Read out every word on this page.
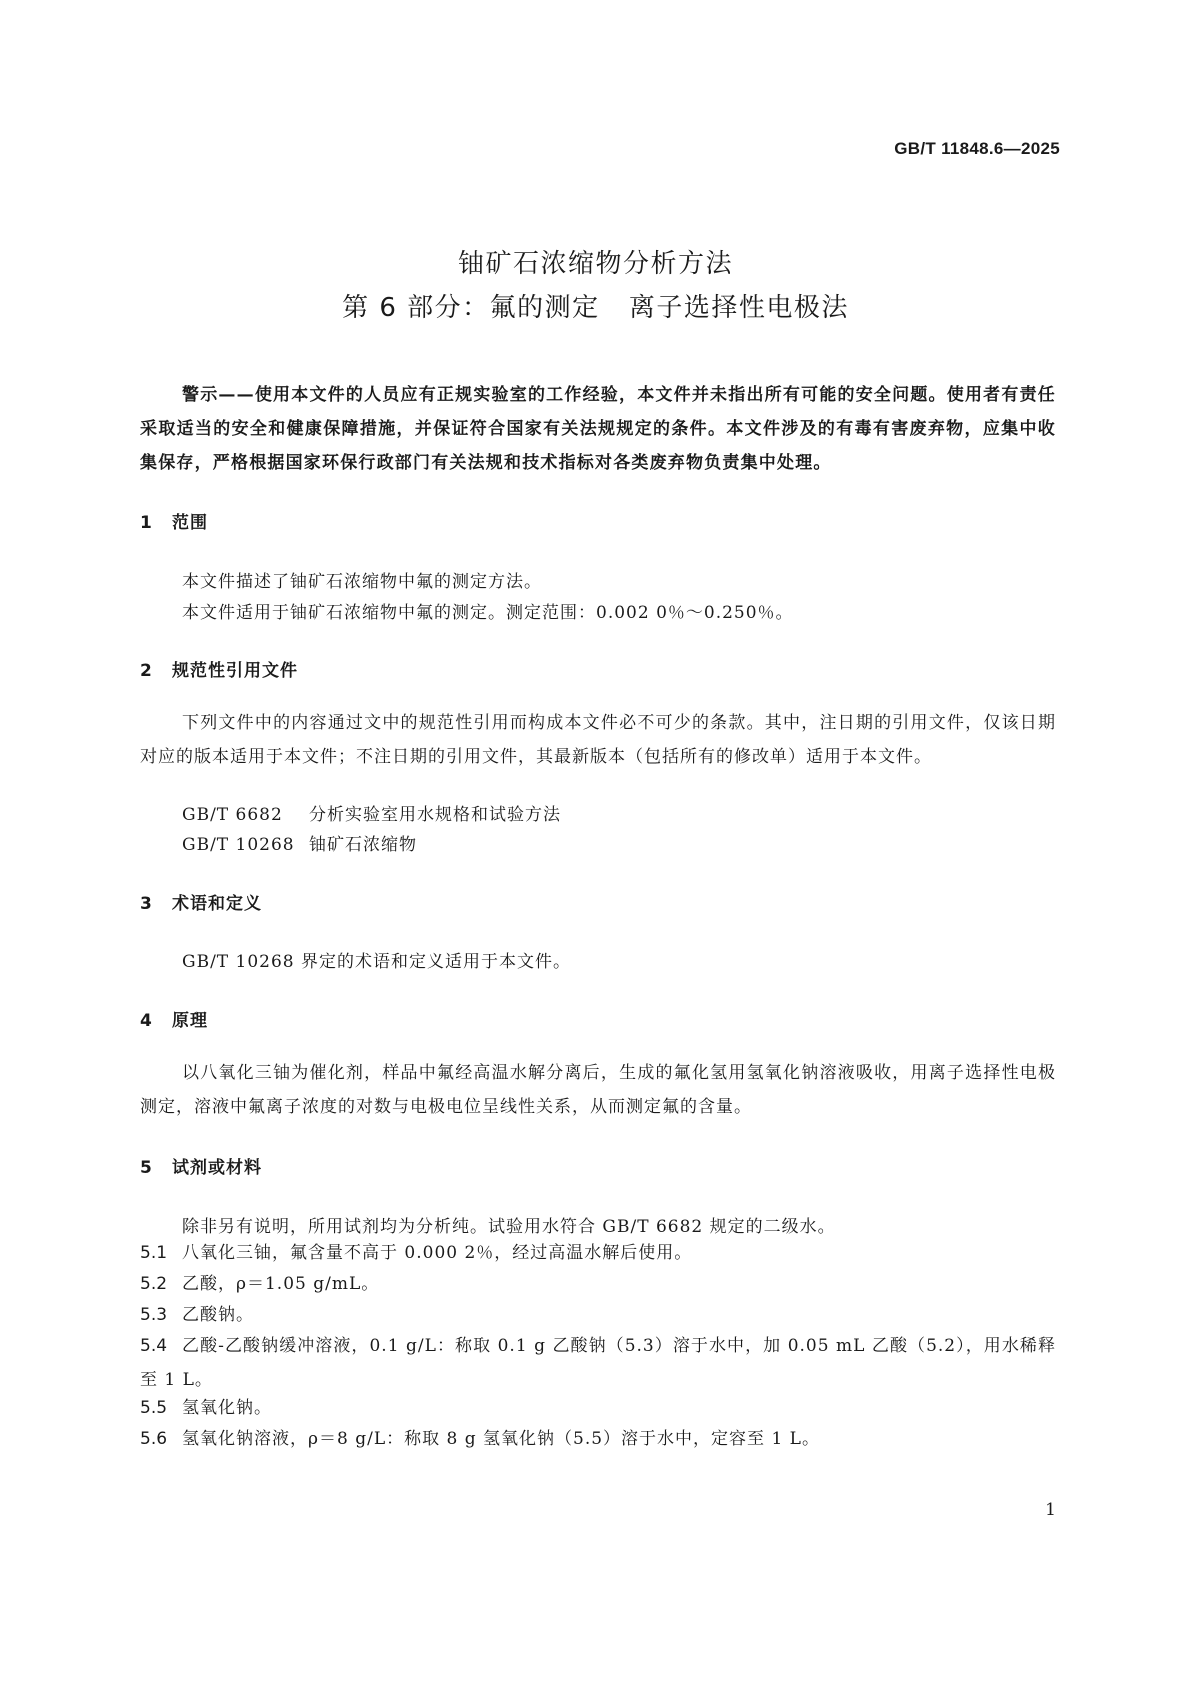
GB/T 11848.6—2025
铀矿石浓缩物分析方法
第 6 部分：氟的测定   离子选择性电极法
警示——使用本文件的人员应有正规实验室的工作经验，本文件并未指出所有可能的安全问题。使用者有责任采取适当的安全和健康保障措施，并保证符合国家有关法规规定的条件。本文件涉及的有毒有害废弃物，应集中收集保存，严格根据国家环保行政部门有关法规和技术指标对各类废弃物负责集中处理。
1 范围
本文件描述了铀矿石浓缩物中氟的测定方法。
本文件适用于铀矿石浓缩物中氟的测定。测定范围：0.002 0％～0.250％。
2 规范性引用文件
下列文件中的内容通过文中的规范性引用而构成本文件必不可少的条款。其中，注日期的引用文件，仅该日期对应的版本适用于本文件；不注日期的引用文件，其最新版本（包括所有的修改单）适用于本文件。
GB/T 6682 分析实验室用水规格和试验方法
GB/T 10268 铀矿石浓缩物
3 术语和定义
GB/T 10268 界定的术语和定义适用于本文件。
4 原理
以八氧化三铀为催化剂，样品中氟经高温水解分离后，生成的氟化氢用氢氧化钠溶液吸收，用离子选择性电极测定，溶液中氟离子浓度的对数与电极电位呈线性关系，从而测定氟的含量。
5 试剂或材料
除非另有说明，所用试剂均为分析纯。试验用水符合 GB/T 6682 规定的二级水。
5.1 八氧化三铀，氟含量不高于 0.000 2％，经过高温水解后使用。
5.2 乙酸，ρ＝1.05 g/mL。
5.3 乙酸钠。
5.4 乙酸-乙酸钠缓冲溶液，0.1 g/L：称取 0.1 g 乙酸钠（5.3）溶于水中，加 0.05 mL 乙酸（5.2），用水稀释至 1 L。
5.5 氢氧化钠。
5.6 氢氧化钠溶液，ρ＝8 g/L：称取 8 g 氢氧化钠（5.5）溶于水中，定容至 1 L。
1
